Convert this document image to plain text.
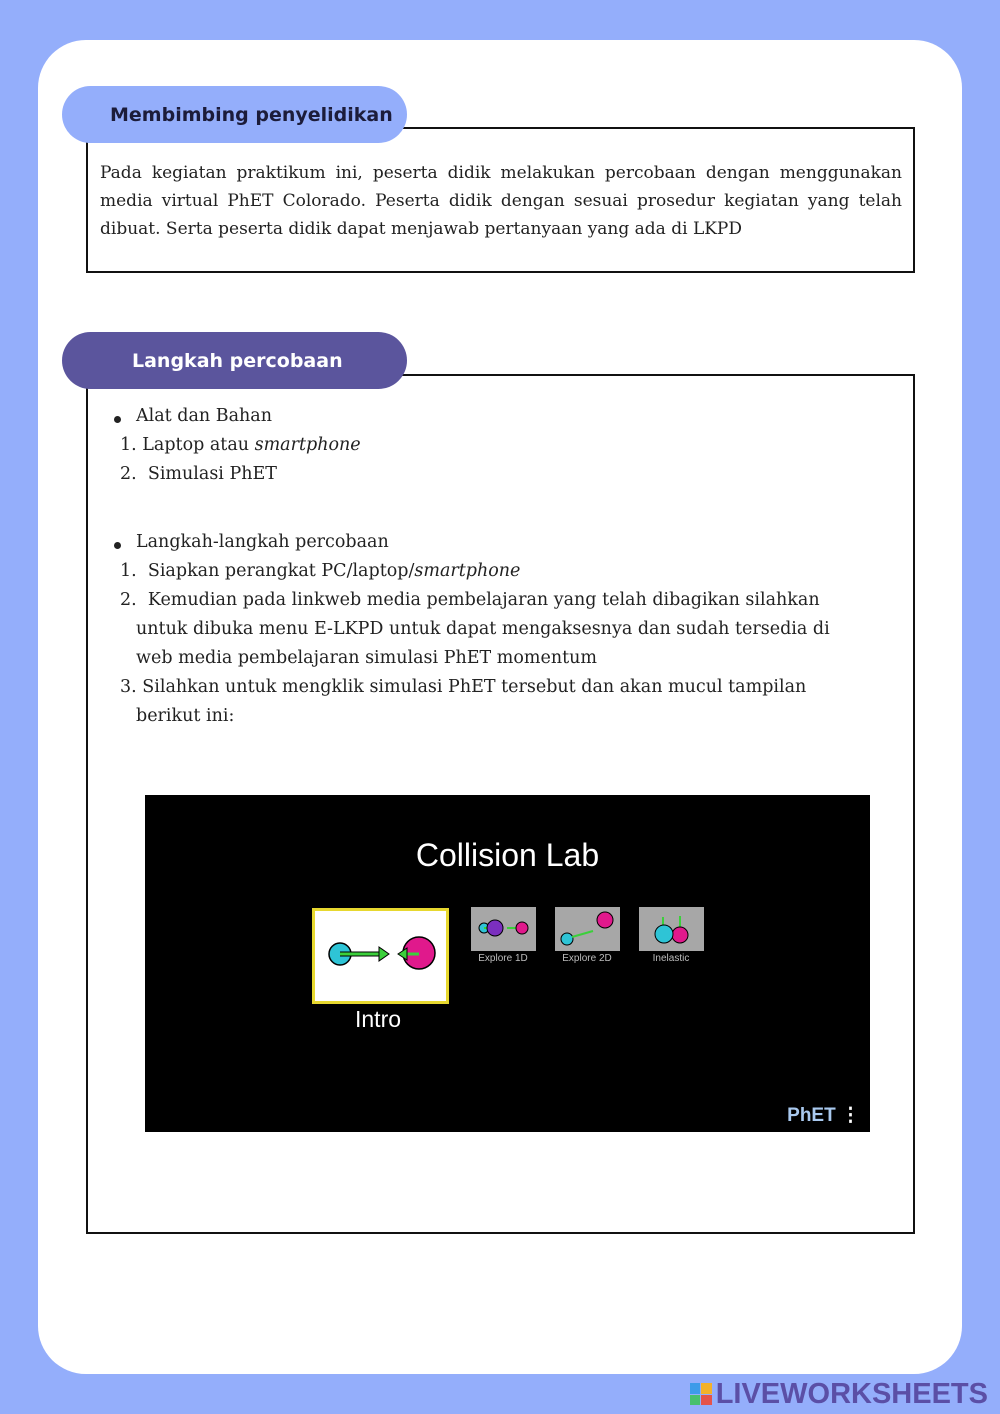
Membimbing penyelidikan
Pada kegiatan praktikum ini, peserta didik melakukan percobaan dengan menggunakan media virtual PhET Colorado. Peserta didik dengan sesuai prosedur kegiatan yang telah dibuat. Serta peserta didik dapat menjawab pertanyaan yang ada di LKPD
Langkah percobaan
Alat dan Bahan
1. Laptop atau smartphone
2. Simulasi PhET
Langkah-langkah percobaan
1. Siapkan perangkat PC/laptop/smartphone
2. Kemudian pada linkweb media pembelajaran yang telah dibagikan silahkan
untuk dibuka menu E-LKPD untuk dapat mengaksesnya dan sudah tersedia di
web media pembelajaran simulasi PhET momentum
3. Silahkan untuk mengklik simulasi PhET tersebut dan akan mucul tampilan
berikut ini:
Collision Lab
Intro
Explore 1D	Explore 2D	Inelastic
PhET ⋮
LIVEWORKSHEETS
